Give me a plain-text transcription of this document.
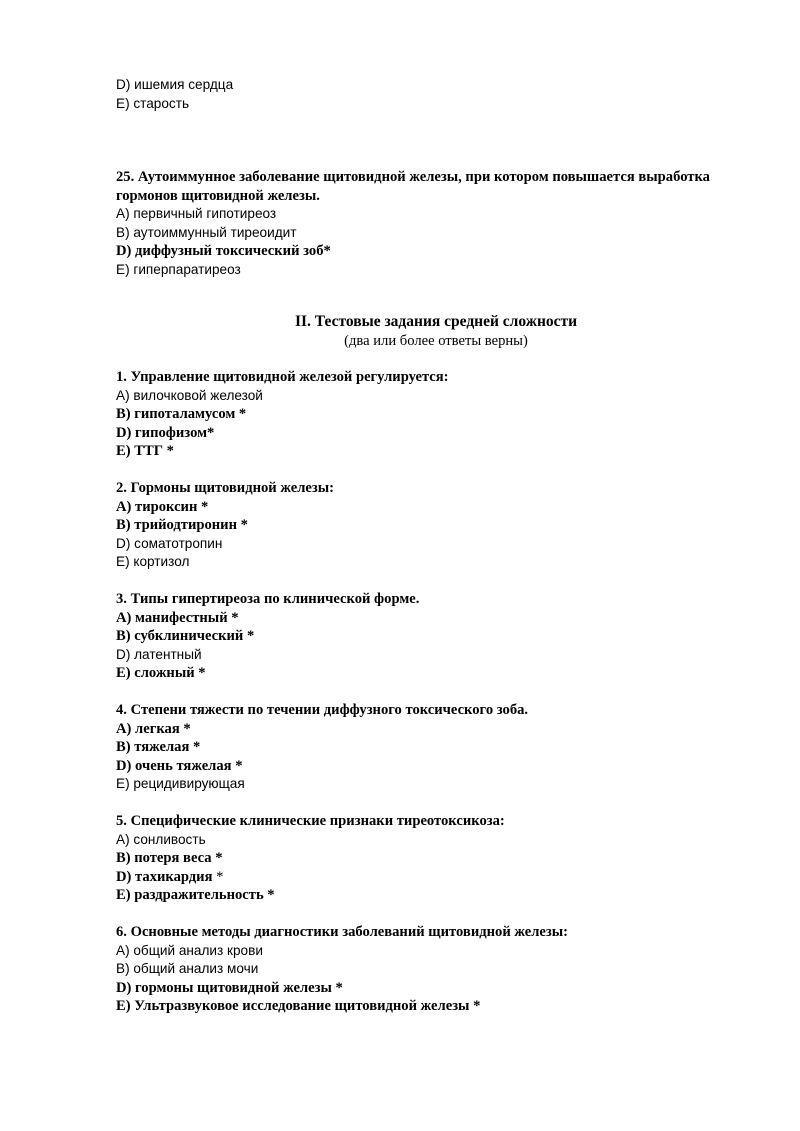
D) ишемия сердца
E) старость
25. Аутоиммунное заболевание щитовидной железы, при котором повышается выработка гормонов щитовидной железы.
A) первичный гипотиреоз
B) аутоиммунный тиреоидит
D) диффузный токсический зоб*
E) гиперпаратиреоз
II. Тестовые задания средней сложности
(два или более ответы верны)
1. Управление щитовидной железой регулируется:
A) вилочковой железой
B) гипоталамусом *
D) гипофизом*
E) ТТГ *
2. Гормоны щитовидной железы:
A) тироксин *
B) трийодтиронин *
D) соматотропин
E) кортизол
3. Типы гипертиреоза по клинической форме.
A) манифестный *
B) субклинический *
D) латентный
E) сложный *
4. Степени тяжести по течении диффузного токсического зоба.
A) легкая *
B) тяжелая *
D) очень тяжелая *
E) рецидивирующая
5. Специфические клинические признаки тиреотоксикоза:
A) сонливость
B) потеря веса *
D) тахикардия *
E) раздражительность *
6. Основные методы диагностики заболеваний щитовидной железы:
A) общий анализ крови
B) общий анализ мочи
D) гормоны щитовидной железы *
E) Ультразвуковое исследование щитовидной железы *
